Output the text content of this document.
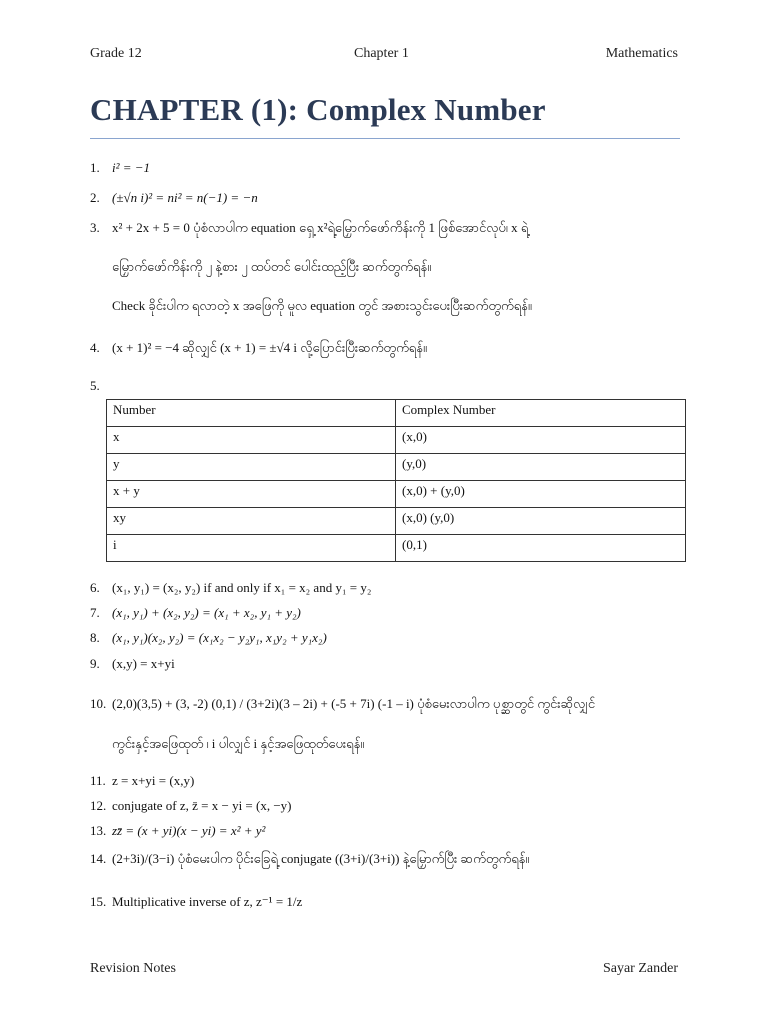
Grade 12	Chapter 1	Mathematics
CHAPTER (1): Complex Number
1. i² = −1
2. (±√n i)² = ni² = n(−1) = −n
3. x² + 2x + 5 = 0 ပုံစံလာပါက equation ရှေ့ x²ရဲ့မြှောက်ဖော်ကိန်းကို 1 ဖြစ်အောင်လုပ်၊ x ရဲ့
မြှောက်ဖော်ကိန်းကို ၂ နဲ့စား ၂ ထပ်တင် ပေါင်းထည့်ပြီး ဆက်တွက်ရန်။
Check ခိုင်းပါက ရလာတဲ့ x အဖြေကို မူလ equation တွင် အစားသွင်းပေးပြီးဆက်တွက်ရန်။
4. (x + 1)² = −4 ဆိုလျှင် (x + 1) = ±√4 i လို့ပြောင်းပြီးဆက်တွက်ရန်။
5.
Number	Complex Number
x	(x,0)
y	(y,0)
x + y	(x,0) + (y,0)
xy	(x,0) (y,0)
i	(0,1)
6. (x₁, y₁) = (x₂, y₂) if and only if x₁ = x₂ and y₁ = y₂
7. (x₁, y₁) + (x₂, y₂) = (x₁ + x₂, y₁ + y₂)
8. (x₁, y₁)(x₂, y₂) = (x₁x₂ − y₂y₁, x₁y₂ + y₁x₂)
9. (x,y) = x+yi
10. (2,0)(3,5) + (3, -2) (0,1) / (3+2i)(3 – 2i) + (-5 + 7i) (-1 – i) ပုံစံမေးလာပါက ပုစ္ဆာတွင် ကွင်းဆိုလျှင်
ကွင်းနှင့်အဖြေထုတ် ၊ i ပါလျှင် i နှင့်အဖြေထုတ်ပေးရန်။
11. z = x+yi = (x,y)
12. conjugate of z, z̄ = x − yi = (x, −y)
13. zz̄ = (x + yi)(x − yi) = x² + y²
14. (2+3i)/(3−i) ပုံစံမေးပါက ပိုင်းခြေရဲ့ conjugate ((3+i)/(3+i)) နဲ့မြှောက်ပြီး ဆက်တွက်ရန်။
15. Multiplicative inverse of z, z⁻¹ = 1/z
Revision Notes	Sayar Zander
